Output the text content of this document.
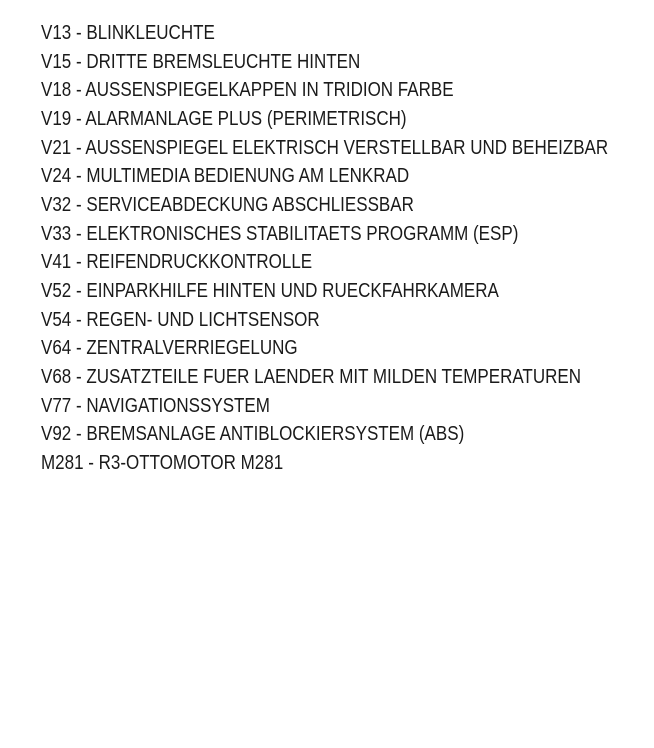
V13 - BLINKLEUCHTE
V15 - DRITTE BREMSLEUCHTE HINTEN
V18 - AUSSENSPIEGELKAPPEN IN TRIDION FARBE
V19 - ALARMANLAGE PLUS (PERIMETRISCH)
V21 - AUSSENSPIEGEL ELEKTRISCH VERSTELLBAR UND BEHEIZBAR
V24 - MULTIMEDIA BEDIENUNG AM LENKRAD
V32 - SERVICEABDECKUNG ABSCHLIESSBAR
V33 - ELEKTRONISCHES STABILITAETS PROGRAMM (ESP)
V41 - REIFENDRUCKKONTROLLE
V52 - EINPARKHILFE HINTEN UND RUECKFAHRKAMERA
V54 - REGEN- UND LICHTSENSOR
V64 - ZENTRALVERRIEGELUNG
V68 - ZUSATZTEILE FUER LAENDER MIT MILDEN TEMPERATUREN
V77 - NAVIGATIONSSYSTEM
V92 - BREMSANLAGE ANTIBLOCKIERSYSTEM (ABS)
M281 - R3-OTTOMOTOR M281
